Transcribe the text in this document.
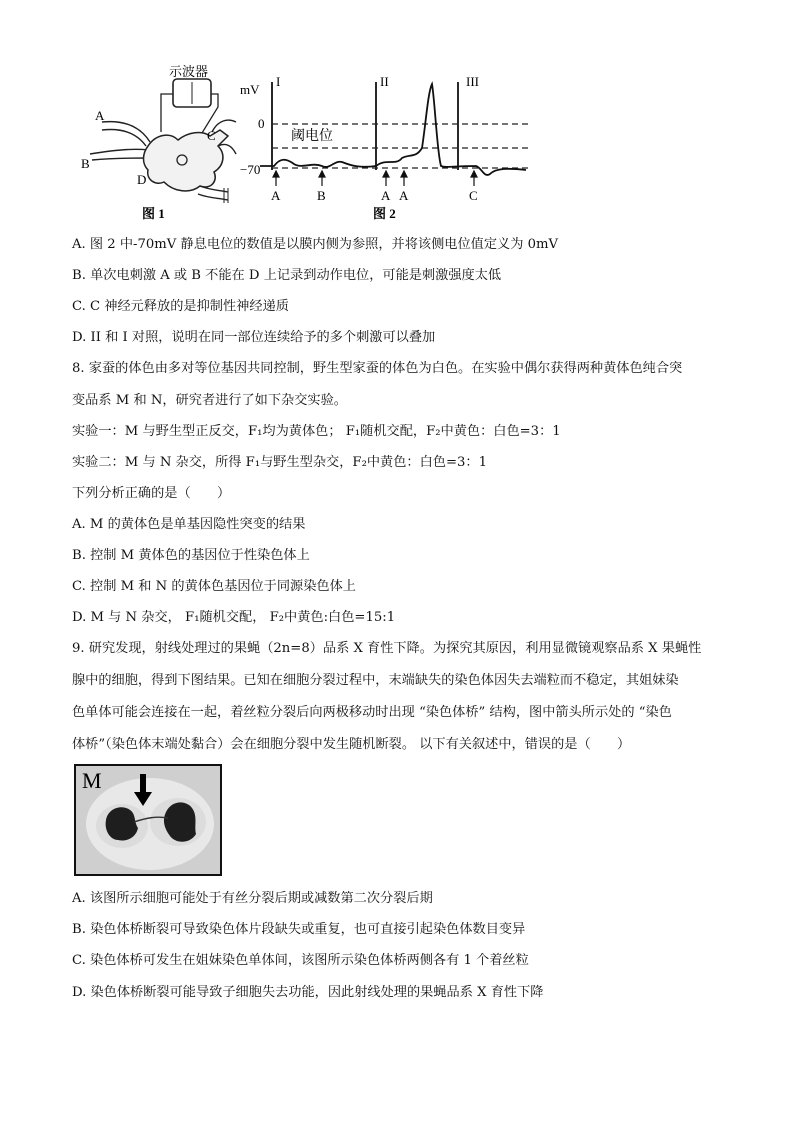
示波器
A
B
C
D
图 1
mV
I	II	III
0
阈电位
−70
A	B	A A	C
图 2
A. 图 2 中-70mV 静息电位的数值是以膜内侧为参照，并将该侧电位值定义为 0mV
B. 单次电刺激 A 或 B 不能在 D 上记录到动作电位，可能是刺激强度太低
C. C 神经元释放的是抑制性神经递质
D. II 和 I 对照，说明在同一部位连续给予的多个刺激可以叠加
8. 家蚕的体色由多对等位基因共同控制，野生型家蚕的体色为白色。在实验中偶尔获得两种黄体色纯合突
变品系 M 和 N，研究者进行了如下杂交实验。
实验一：M 与野生型正反交，F₁均为黄体色； F₁随机交配，F₂中黄色：白色=3：1
实验二：M 与 N 杂交，所得 F₁与野生型杂交，F₂中黄色：白色=3：1
下列分析正确的是（　　）
A. M 的黄体色是单基因隐性突变的结果
B. 控制 M 黄体色的基因位于性染色体上
C. 控制 M 和 N 的黄体色基因位于同源染色体上
D. M 与 N 杂交， F₁随机交配， F₂中黄色:白色=15:1
9. 研究发现，射线处理过的果蝇（2n=8）品系 X 育性下降。为探究其原因，利用显微镜观察品系 X 果蝇性
腺中的细胞，得到下图结果。已知在细胞分裂过程中，末端缺失的染色体因失去端粒而不稳定，其姐妹染
色单体可能会连接在一起，着丝粒分裂后向两极移动时出现 “染色体桥” 结构，图中箭头所示处的 “染色
体桥”（染色体末端处黏合）会在细胞分裂中发生随机断裂。 以下有关叙述中，错误的是（　　）
M
A. 该图所示细胞可能处于有丝分裂后期或减数第二次分裂后期
B. 染色体桥断裂可导致染色体片段缺失或重复，也可直接引起染色体数目变异
C. 染色体桥可发生在姐妹染色单体间，该图所示染色体桥两侧各有 1 个着丝粒
D. 染色体桥断裂可能导致子细胞失去功能，因此射线处理的果蝇品系 X 育性下降
